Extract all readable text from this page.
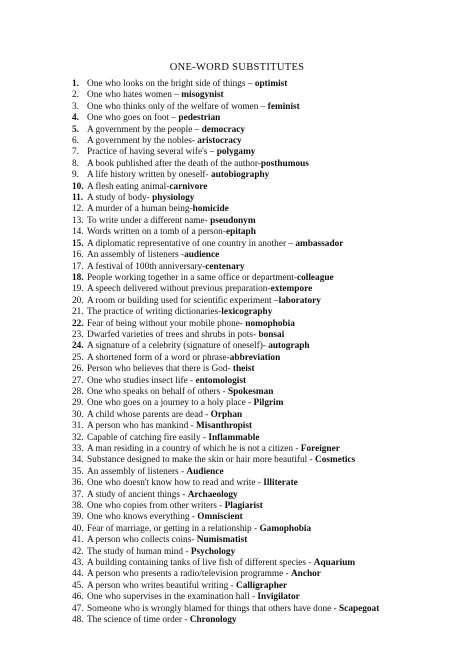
ONE-WORD SUBSTITUTES
1. One who looks on the bright side of things – optimist
2. One who hates women – misogynist
3. One who thinks only of the welfare of women – feminist
4. One who goes on foot – pedestrian
5. A government by the people – democracy
6. A government by the nobles- aristocracy
7. Practice of having several wife's – polygamy
8. A book published after the death of the author-posthumous
9. A life history written by oneself- autobiography
10. A flesh eating animal-carnivore
11. A study of body- physiology
12. A murder of a human being-homicide
13. To write under a different name- pseudonym
14. Words written on a tomb of a person-epitaph
15. A diplomatic representative of one country in another – ambassador
16. An assembly of listeners -audience
17. A festival of 100th anniversary-centenary
18. People working together in a same office or department-colleague
19. A speech delivered without previous preparation-extempore
20. A room or building used for scientific experiment –laboratory
21. The practice of writing dictionaries-lexicography
22. Fear of being without your mobile phone- nomophobia
23. Dwarfed varieties of trees and shrubs in pots- bonsai
24. A signature of a celebrity (signature of oneself)- autograph
25. A shortened form of a word or phrase-abbreviation
26. Person who believes that there is God- theist
27. One who studies insect life - entomologist
28. One who speaks on behalf of others - Spokesman
29. One who goes on a journey to a holy place - Pilgrim
30. A child whose parents are dead - Orphan
31. A person who has mankind - Misanthropist
32. Capable of catching fire easily - Inflammable
33. A man residing in a country of which he is not a citizen - Foreigner
34. Substance designed to make the skin or hair more beautiful - Cosmetics
35. An assembly of listeners - Audience
36. One who doesn't know how to read and write - Illiterate
37. A study of ancient things - Archaeology
38. One who copies from other writers - Plagiarist
39. One who knows everything - Omniscient
40. Fear of marriage, or getting in a relationship - Gamophobia
41. A person who collects coins- Numismatist
42. The study of human mind - Psychology
43. A building containing tanks of live fish of different species - Aquarium
44. A person who presents a radio/television programme - Anchor
45. A person who writes beautiful writing - Calligrapher
46. One who supervises in the examination hall - Invigilator
47. Someone who is wrongly blamed for things that others have done - Scapegoat
48. The science of time order - Chronology
